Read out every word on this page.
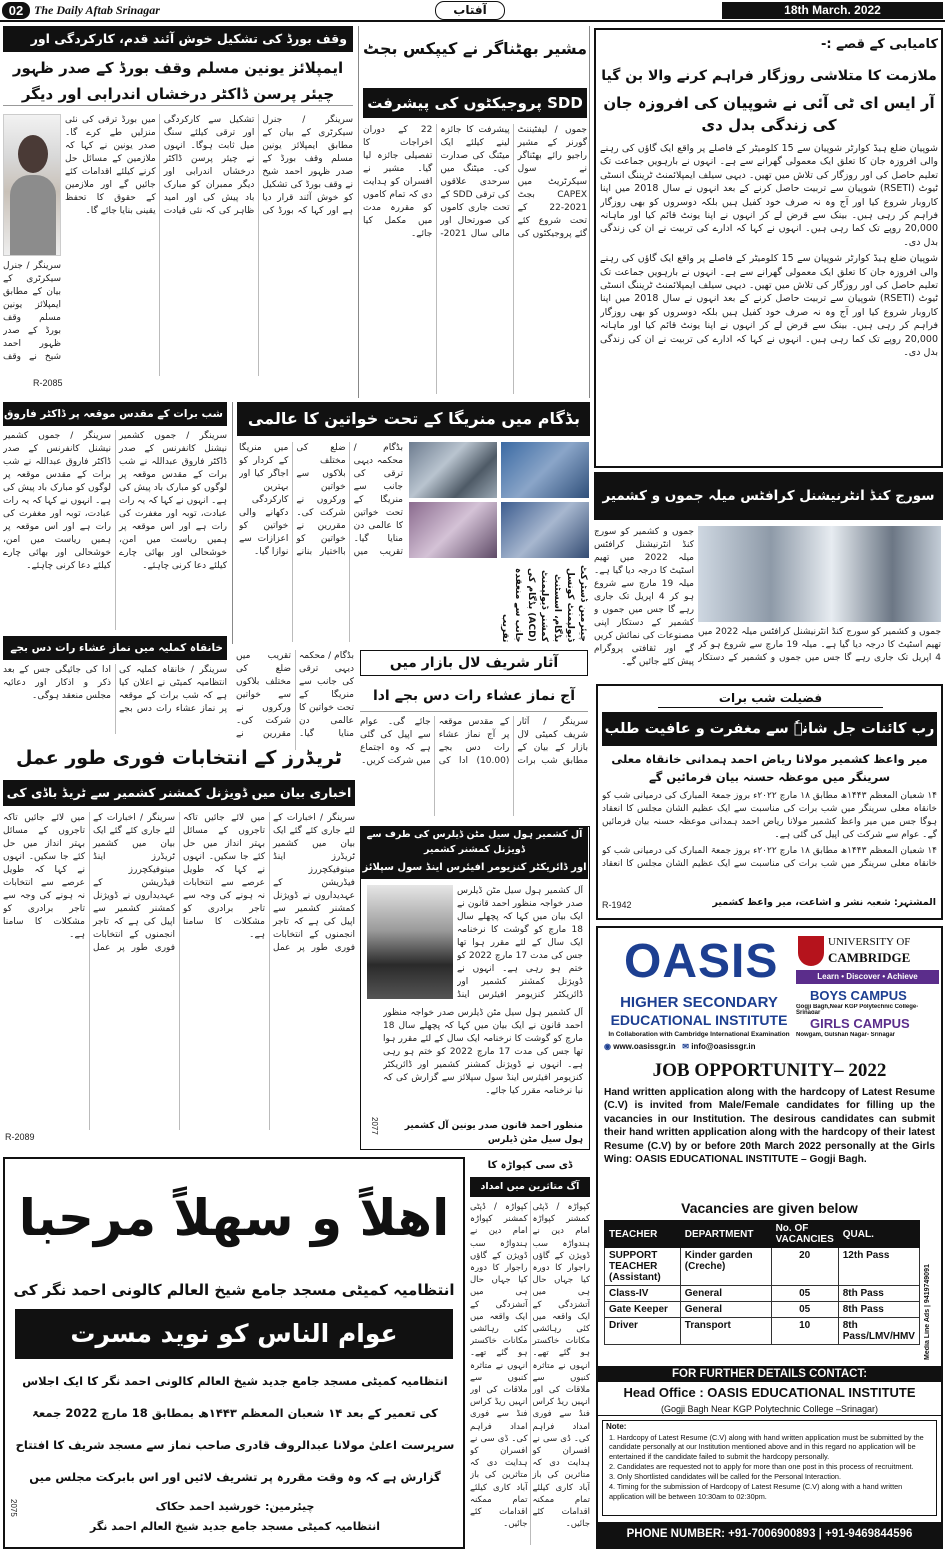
02 The Daily Aftab Srinagar	آفتاب	18th March. 2022
وقف بورڈ کی تشکیل خوش آئند قدم، کارکردگی اور
ایمپلائز یونین مسلم وقف بورڈ کے صدر ظہور
چیئر پرسن ڈاکٹر درخشاں اندرابی اور دیگر

سرینگر / جنرل سیکرٹری کے بیان کے مطابق ایمپلائز یونین مسلم وقف بورڈ کے صدر ظہور احمد شیخ نے وقف بورڈ کی تشکیل کو خوش آئند قرار دیا ہے اور کہا کہ بورڈ کی تشکیل سے کارکردگی اور ترقی کیلئے سنگ میل ثابت ہوگا۔ انہوں نے چیئر پرسن ڈاکٹر درخشاں اندرابی اور دیگر ممبران کو مبارک باد پیش کی اور امید ظاہر کی کہ نئی قیادت میں بورڈ ترقی کی نئی منزلیں طے کرے گا۔ صدر یونین نے کہا کہ ملازمین کے مسائل حل کرنے کیلئے اقدامات کئے جائیں گے اور ملازمین کے حقوق کا تحفظ یقینی بنایا جائے گا۔

سرینگر / جنرل سیکرٹری کے بیان کے مطابق ایمپلائز یونین مسلم وقف بورڈ کے صدر ظہور احمد شیخ نے وقف

R-2085
مشیر بھٹناگر نے کیپکس بجٹ
SDD پروجیکٹوں کی پیشرفت

جموں / لیفٹیننٹ گورنر کے مشیر راجیو رائے بھٹناگر نے سول سیکرٹریٹ میں CAPEX بجٹ 2021-22 کے تحت شروع کئے گئے پروجیکٹوں کی پیشرفت کا جائزہ لینے کیلئے ایک میٹنگ کی صدارت کی۔ میٹنگ میں سرحدی علاقوں کی ترقی SDD کے تحت جاری کاموں کی صورتحال اور مالی سال 2021-22 کے دوران اخراجات کا تفصیلی جائزہ لیا گیا۔ مشیر نے افسران کو ہدایت دی کہ تمام کاموں کو مقررہ مدت میں مکمل کیا جائے۔

کامیابی کے قصے :-
ملازمت کا متلاشی روزگار فراہم کرنے والا بن گیا
آر ایس ای ٹی آئی نے شوپیان کی افروزہ جان کی زندگی بدل دی

شوپیان ضلع ہیڈ کوارٹر شوپیان سے 15 کلومیٹر کے فاصلے پر واقع ایک گاؤں کی رہنے والی افروزہ جان کا تعلق ایک معمولی گھرانے سے ہے۔ انہوں نے بارہویں جماعت تک تعلیم حاصل کی اور روزگار کی تلاش میں تھیں۔ دیہی سیلف ایمپلائمنٹ ٹریننگ انسٹی ٹیوٹ (RSETI) شوپیان سے تربیت حاصل کرنے کے بعد انہوں نے سال 2018 میں اپنا کاروبار شروع کیا اور آج وہ نہ صرف خود کفیل ہیں بلکہ دوسروں کو بھی روزگار فراہم کر رہی ہیں۔ بینک سے قرض لے کر انہوں نے اپنا یونٹ قائم کیا اور ماہانہ 20,000 روپے تک کما رہی ہیں۔ انہوں نے کہا کہ ادارے کی تربیت نے ان کی زندگی بدل دی۔

شوپیان ضلع ہیڈ کوارٹر شوپیان سے 15 کلومیٹر کے فاصلے پر واقع ایک گاؤں کی رہنے والی افروزہ جان کا تعلق ایک معمولی گھرانے سے ہے۔ انہوں نے بارہویں جماعت تک تعلیم حاصل کی اور روزگار کی تلاش میں تھیں۔ دیہی سیلف ایمپلائمنٹ ٹریننگ انسٹی ٹیوٹ (RSETI) شوپیان سے تربیت حاصل کرنے کے بعد انہوں نے سال 2018 میں اپنا کاروبار شروع کیا اور آج وہ نہ صرف خود کفیل ہیں بلکہ دوسروں کو بھی روزگار فراہم کر رہی ہیں۔ بینک سے قرض لے کر انہوں نے اپنا یونٹ قائم کیا اور ماہانہ 20,000 روپے تک کما رہی ہیں۔ انہوں نے کہا کہ ادارے کی تربیت نے ان کی زندگی بدل دی۔

شب برات کے مقدس موقعہ پر ڈاکٹر فاروق

سرینگر / جموں کشمیر نیشنل کانفرنس کے صدر ڈاکٹر فاروق عبداللہ نے شب برات کے مقدس موقعہ پر لوگوں کو مبارک باد پیش کی ہے۔ انہوں نے کہا کہ یہ رات عبادت، توبہ اور مغفرت کی رات ہے اور اس موقعہ پر ہمیں ریاست میں امن، خوشحالی اور بھائی چارے کیلئے دعا کرنی چاہئے۔

سرینگر / جموں کشمیر نیشنل کانفرنس کے صدر ڈاکٹر فاروق عبداللہ نے شب برات کے مقدس موقعہ پر لوگوں کو مبارک باد پیش کی ہے۔ انہوں نے کہا کہ یہ رات عبادت، توبہ اور مغفرت کی رات ہے اور اس موقعہ پر ہمیں ریاست میں امن، خوشحالی اور بھائی چارے کیلئے دعا کرنی چاہئے۔

خانقاہ کملیہ میں نماز عشاء رات دس بجے

سرینگر / خانقاہ کملیہ کی انتظامیہ کمیٹی نے اعلان کیا ہے کہ شب برات کے موقعہ پر نماز عشاء رات دس بجے ادا کی جائیگی جس کے بعد ذکر و اذکار اور دعائیہ مجلس منعقد ہوگی۔

بڈگام میں منریگا کے تحت خواتین کا عالمی
چیئرمین ڈسٹرکٹ ڈیولپمنٹ کونسل بڈگام، اسسٹنٹ کمشنر ڈیولپمنٹ (ACD) بڈگام کی جانب سے منعقدہ تقریب

بڈگام / محکمہ دیہی ترقی کی جانب سے منریگا کے تحت خواتین کا عالمی دن منایا گیا۔ تقریب میں ضلع کی مختلف بلاکوں سے خواتین ورکروں نے شرکت کی۔ مقررین نے خواتین کو بااختیار بنانے میں منریگا کے کردار کو اجاگر کیا اور بہترین کارکردگی دکھانے والی خواتین کو اعزازات سے نوازا گیا۔

آثار شریف لال بازار میں
آج نماز عشاء رات دس بجے ادا

سرینگر / آثار شریف کمیٹی لال بازار کے بیان کے مطابق شب برات کے مقدس موقعہ پر آج نماز عشاء رات دس بجے (10.00) ادا کی جائے گی۔ عوام سے اپیل کی گئی ہے کہ وہ اجتماع میں شرکت کریں۔

بڈگام / محکمہ دیہی ترقی کی جانب سے منریگا کے تحت خواتین کا عالمی دن منایا گیا۔ تقریب میں ضلع کی مختلف بلاکوں سے خواتین ورکروں نے شرکت کی۔ مقررین نے

سورج کنڈ انٹرنیشنل کرافٹس میلہ جموں و کشمیر

جموں و کشمیر کو سورج کنڈ انٹرنیشنل کرافٹس میلہ 2022 میں تھیم اسٹیٹ کا درجہ دیا گیا ہے۔ میلہ 19 مارچ سے شروع ہو کر 4 اپریل تک جاری رہے گا جس میں جموں و کشمیر کے دستکار اپنی مصنوعات کی نمائش کریں گے اور ثقافتی پروگرام پیش کئے جائیں گے۔

جموں و کشمیر کو سورج کنڈ انٹرنیشنل کرافٹس میلہ 2022 میں تھیم اسٹیٹ کا درجہ دیا گیا ہے۔ میلہ 19 مارچ سے شروع ہو کر 4 اپریل تک جاری رہے گا جس میں جموں و کشمیر کے دستکار

ٹریڈرز کے انتخابات فوری طور عمل
اخباری بیان میں ڈویژنل کمشنر کشمیر سے ٹریڈ باڈی کی

سرینگر / اخبارات کے لئے جاری کئے گئے ایک بیان میں کشمیر ٹریڈرز اینڈ مینوفیکچررز فیڈریشن کے عہدیداروں نے ڈویژنل کمشنر کشمیر سے اپیل کی ہے کہ تاجر انجمنوں کے انتخابات فوری طور پر عمل میں لائے جائیں تاکہ تاجروں کے مسائل بہتر انداز میں حل کئے جا سکیں۔ انہوں نے کہا کہ طویل عرصے سے انتخابات نہ ہونے کی وجہ سے تاجر برادری کو مشکلات کا سامنا ہے۔

سرینگر / اخبارات کے لئے جاری کئے گئے ایک بیان میں کشمیر ٹریڈرز اینڈ مینوفیکچررز فیڈریشن کے عہدیداروں نے ڈویژنل کمشنر کشمیر سے اپیل کی ہے کہ تاجر انجمنوں کے انتخابات فوری طور پر عمل میں لائے جائیں تاکہ تاجروں کے مسائل بہتر انداز میں حل کئے جا سکیں۔ انہوں نے کہا کہ طویل عرصے سے انتخابات نہ ہونے کی وجہ سے تاجر برادری کو مشکلات کا سامنا ہے۔

R-2089
آل کشمیر ہول سیل مٹن ڈیلرس کی طرف سے ڈویژنل کمشنر کشمیر
اور ڈائریکٹر کنزیومر افیئرس اینڈ سول سپلائز

آل کشمیر ہول سیل مٹن ڈیلرس صدر خواجہ منظور احمد قانون نے ایک بیان میں کہا کہ پچھلے سال 18 مارچ کو گوشت کا نرخنامہ ایک سال کے لئے مقرر ہوا تھا جس کی مدت 17 مارچ 2022 کو ختم ہو رہی ہے۔ انہوں نے ڈویژنل کمشنر کشمیر اور ڈائریکٹر کنزیومر افیئرس اینڈ

آل کشمیر ہول سیل مٹن ڈیلرس صدر خواجہ منظور احمد قانون نے ایک بیان میں کہا کہ پچھلے سال 18 مارچ کو گوشت کا نرخنامہ ایک سال کے لئے مقرر ہوا تھا جس کی مدت 17 مارچ 2022 کو ختم ہو رہی ہے۔ انہوں نے ڈویژنل کمشنر کشمیر اور ڈائریکٹر کنزیومر افیئرس اینڈ سول سپلائز سے گزارش کی کہ نیا نرخنامہ مقرر کیا جائے۔

منظور احمد قانون صدر یونین آل کشمیر ہول سیل مٹن ڈیلرس
2077
فضیلت شب برات
رب کائنات جل شانہٗ سے مغفرت و عافیت طلب
میر واعظ کشمیر مولانا ریاض احمد ہمدانی خانقاہ معلی سرینگر میں موعظہ حسنہ بیان فرمائیں گے

۱۴ شعبان المعظم ۱۴۴۳ھ مطابق ۱۸ مارچ ۲۰۲۲ء بروز جمعۃ المبارک کی درمیانی شب کو خانقاہ معلی سرینگر میں شب برات کی مناسبت سے ایک عظیم الشان مجلس کا انعقاد ہوگا جس میں میر واعظ کشمیر مولانا ریاض احمد ہمدانی موعظہ حسنہ بیان فرمائیں گے۔ عوام سے شرکت کی اپیل کی گئی ہے۔

۱۴ شعبان المعظم ۱۴۴۳ھ مطابق ۱۸ مارچ ۲۰۲۲ء بروز جمعۃ المبارک کی درمیانی شب کو خانقاہ معلی سرینگر میں شب برات کی مناسبت سے ایک عظیم الشان مجلس کا انعقاد

المشتہر: شعبہ نشر و اشاعت، میر واعظ کشمیر
R-1942
اھلاً و سھلاً مرحبا
انتظامیہ کمیٹی مسجد جامع شیخ العالم کالونی احمد نگر کی
عوام الناس کو نوید مسرت
انتظامیہ کمیٹی مسجد جامع جدید شیخ العالم کالونی احمد نگر کا ایک اجلاس
کی تعمیر کے بعد ۱۴ شعبان المعظم ۱۴۴۳ھ بمطابق 18 مارچ 2022 جمعۃ
سرپرست اعلیٰ مولانا عبدالروف قادری صاحب نماز سے مسجد شریف کا افتتاح
گزارش ہے کہ وہ وقت مقررہ پر تشریف لائیں اور اس بابرکت مجلس میں
چیئرمین: خورشید احمد حکاک
انتظامیہ کمیٹی مسجد جامع جدید شیخ العالم احمد نگر
2075
ڈی سی کپواڑہ کا
آگ متاثرین میں امداد

کپواڑہ / ڈپٹی کمشنر کپواڑہ امام دین نے ہندواڑہ سب ڈویژن کے گاؤں راجوار کا دورہ کیا جہاں حال ہی میں آتشزدگی کے ایک واقعہ میں کئی رہائشی مکانات خاکستر ہو گئے تھے۔ انہوں نے متاثرہ کنبوں سے ملاقات کی اور انہیں ریڈ کراس فنڈ سے فوری امداد فراہم کی۔ ڈی سی نے افسران کو ہدایت دی کہ متاثرین کی باز آباد کاری کیلئے تمام ممکنہ اقدامات کئے جائیں۔

کپواڑہ / ڈپٹی کمشنر کپواڑہ امام دین نے ہندواڑہ سب ڈویژن کے گاؤں راجوار کا دورہ کیا جہاں حال ہی میں آتشزدگی کے ایک واقعہ میں کئی رہائشی مکانات خاکستر ہو گئے تھے۔ انہوں نے متاثرہ کنبوں سے ملاقات کی اور انہیں ریڈ کراس فنڈ سے فوری امداد فراہم کی۔ ڈی سی نے افسران کو ہدایت دی کہ متاثرین کی باز آباد کاری کیلئے تمام ممکنہ اقدامات کئے جائیں۔

OASIS
HIGHER SECONDARY
EDUCATIONAL INSTITUTE
In Collaboration with Cambridge International Examination
◉ www.oasissgr.in ✉ info@oasissgr.in
UNIVERSITY OF
CAMBRIDGE
Learn • Discover • Achieve
BOYS CAMPUS
Gogji Bagh,Near KGP Polytechnic College-Srinagar
GIRLS CAMPUS
Nowgam, Gulshan Nagar- Srinagar
JOB OPPORTUNITY– 2022
Hand written application along with the hardcopy of Latest Resume (C.V) is invited from Male/Female candidates for filling up the vacancies in our Institution. The desirous candidates can submit their hand written application along with the hardcopy of their latest Resume (C.V) by or before 20th March 2022 personally at the Girls Wing: OASIS EDUCATIONAL INSTITUTE – Gogji Bagh.
Vacancies are given below
TEACHER	DEPARTMENT	No. OF VACANCIES	QUAL.
SUPPORT TEACHER (Assistant)	Kinder garden (Creche)	20	12th Pass
Class-IV	General	05	8th Pass
Gate Keeper	General	05	8th Pass
Driver	Transport	10	8th Pass/LMV/HMV Media Line Ads | 9419749091
FOR FURTHER DETAILS CONTACT:
Head Office : OASIS EDUCATIONAL INSTITUTE
(Gogji Bagh Near KGP Polytechnic College –Srinagar)
Note:
1. Hardcopy of Latest Resume (C.V) along with hand written application must be submitted by the candidate personally at our Institution mentioned above and in this regard no application will be entertained if the candidate failed to submit the hardcopy personally.
2. Candidates are requested not to apply for more than one post in this process of recruitment.
3. Only Shortlisted candidates will be called for the Personal Interaction.
4. Timing for the submission of Hardcopy of Latest Resume (C.V) along with a hand written application will be between 10:30am to 02:30pm.
PHONE NUMBER: +91-7006900893 | +91-9469844596
